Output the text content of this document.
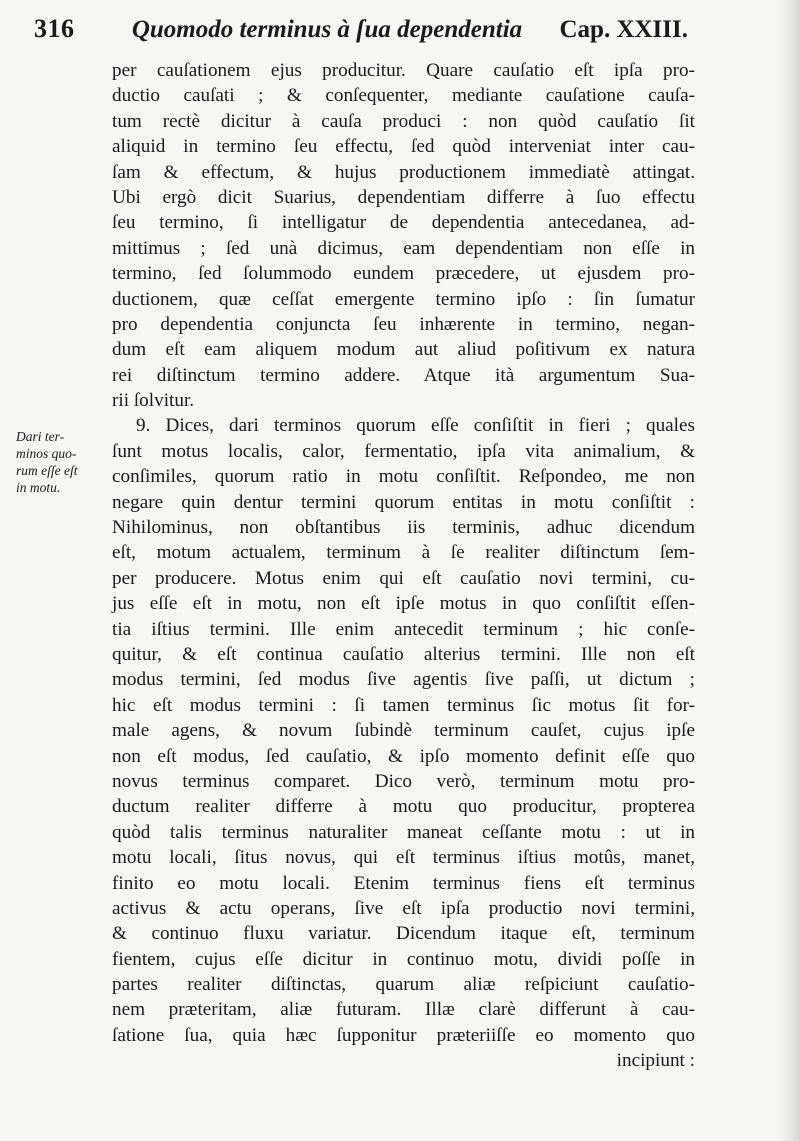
316	Quomodo terminus à ſua dependentia	Cap. XXIII.
Dari ter-
minos quo-
rum eſſe eſt
in motu.
per cauſationem ejus producitur. Quare cauſatio eſt ipſa pro-
ductio cauſati ; & conſequenter, mediante cauſatione cauſa-
tum rectè dicitur à cauſa produci : non quòd cauſatio ſit
aliquid in termino ſeu effectu, ſed quòd interveniat inter cau-
ſam & effectum, & hujus productionem immediatè attingat.
Ubi ergò dicit Suarius, dependentiam differre à ſuo effectu
ſeu termino, ſi intelligatur de dependentia antecedanea, ad-
mittimus ; ſed unà dicimus, eam dependentiam non eſſe in
termino, ſed ſolummodo eundem præcedere, ut ejusdem pro-
ductionem, quæ ceſſat emergente termino ipſo : ſin ſumatur
pro dependentia conjuncta ſeu inhærente in termino, negan-
dum eſt eam aliquem modum aut aliud poſitivum ex natura
rei diſtinctum termino addere. Atque ità argumentum Sua-
rii ſolvitur.
9. Dices, dari terminos quorum eſſe conſiſtit in fieri ; quales
ſunt motus localis, calor, fermentatio, ipſa vita animalium, &
conſimiles, quorum ratio in motu conſiſtit. Reſpondeo, me non
negare quin dentur termini quorum entitas in motu conſiſtit :
Nihilominus, non obſtantibus iis terminis, adhuc dicendum
eſt, motum actualem, terminum à ſe realiter diſtinctum ſem-
per producere. Motus enim qui eſt cauſatio novi termini, cu-
jus eſſe eſt in motu, non eſt ipſe motus in quo conſiſtit eſſen-
tia iſtius termini. Ille enim antecedit terminum ; hic conſe-
quitur, & eſt continua cauſatio alterius termini. Ille non eſt
modus termini, ſed modus ſive agentis ſive paſſi, ut dictum ;
hic eſt modus termini : ſi tamen terminus ſic motus ſit for-
male agens, & novum ſubindè terminum cauſet, cujus ipſe
non eſt modus, ſed cauſatio, & ipſo momento definit eſſe quo
novus terminus comparet. Dico verò, terminum motu pro-
ductum realiter differre à motu quo producitur, propterea
quòd talis terminus naturaliter maneat ceſſante motu : ut in
motu locali, ſitus novus, qui eſt terminus iſtius motûs, manet,
finito eo motu locali. Etenim terminus fiens eſt terminus
activus & actu operans, ſive eſt ipſa productio novi termini,
& continuo fluxu variatur. Dicendum itaque eſt, terminum
fientem, cujus eſſe dicitur in continuo motu, dividi poſſe in
partes realiter diſtinctas, quarum aliæ reſpiciunt cauſatio-
nem præteritam, aliæ futuram. Illæ clarè differunt à cau-
ſatione ſua, quia hæc ſupponitur præteriiſſe eo momento quo
incipiunt :
